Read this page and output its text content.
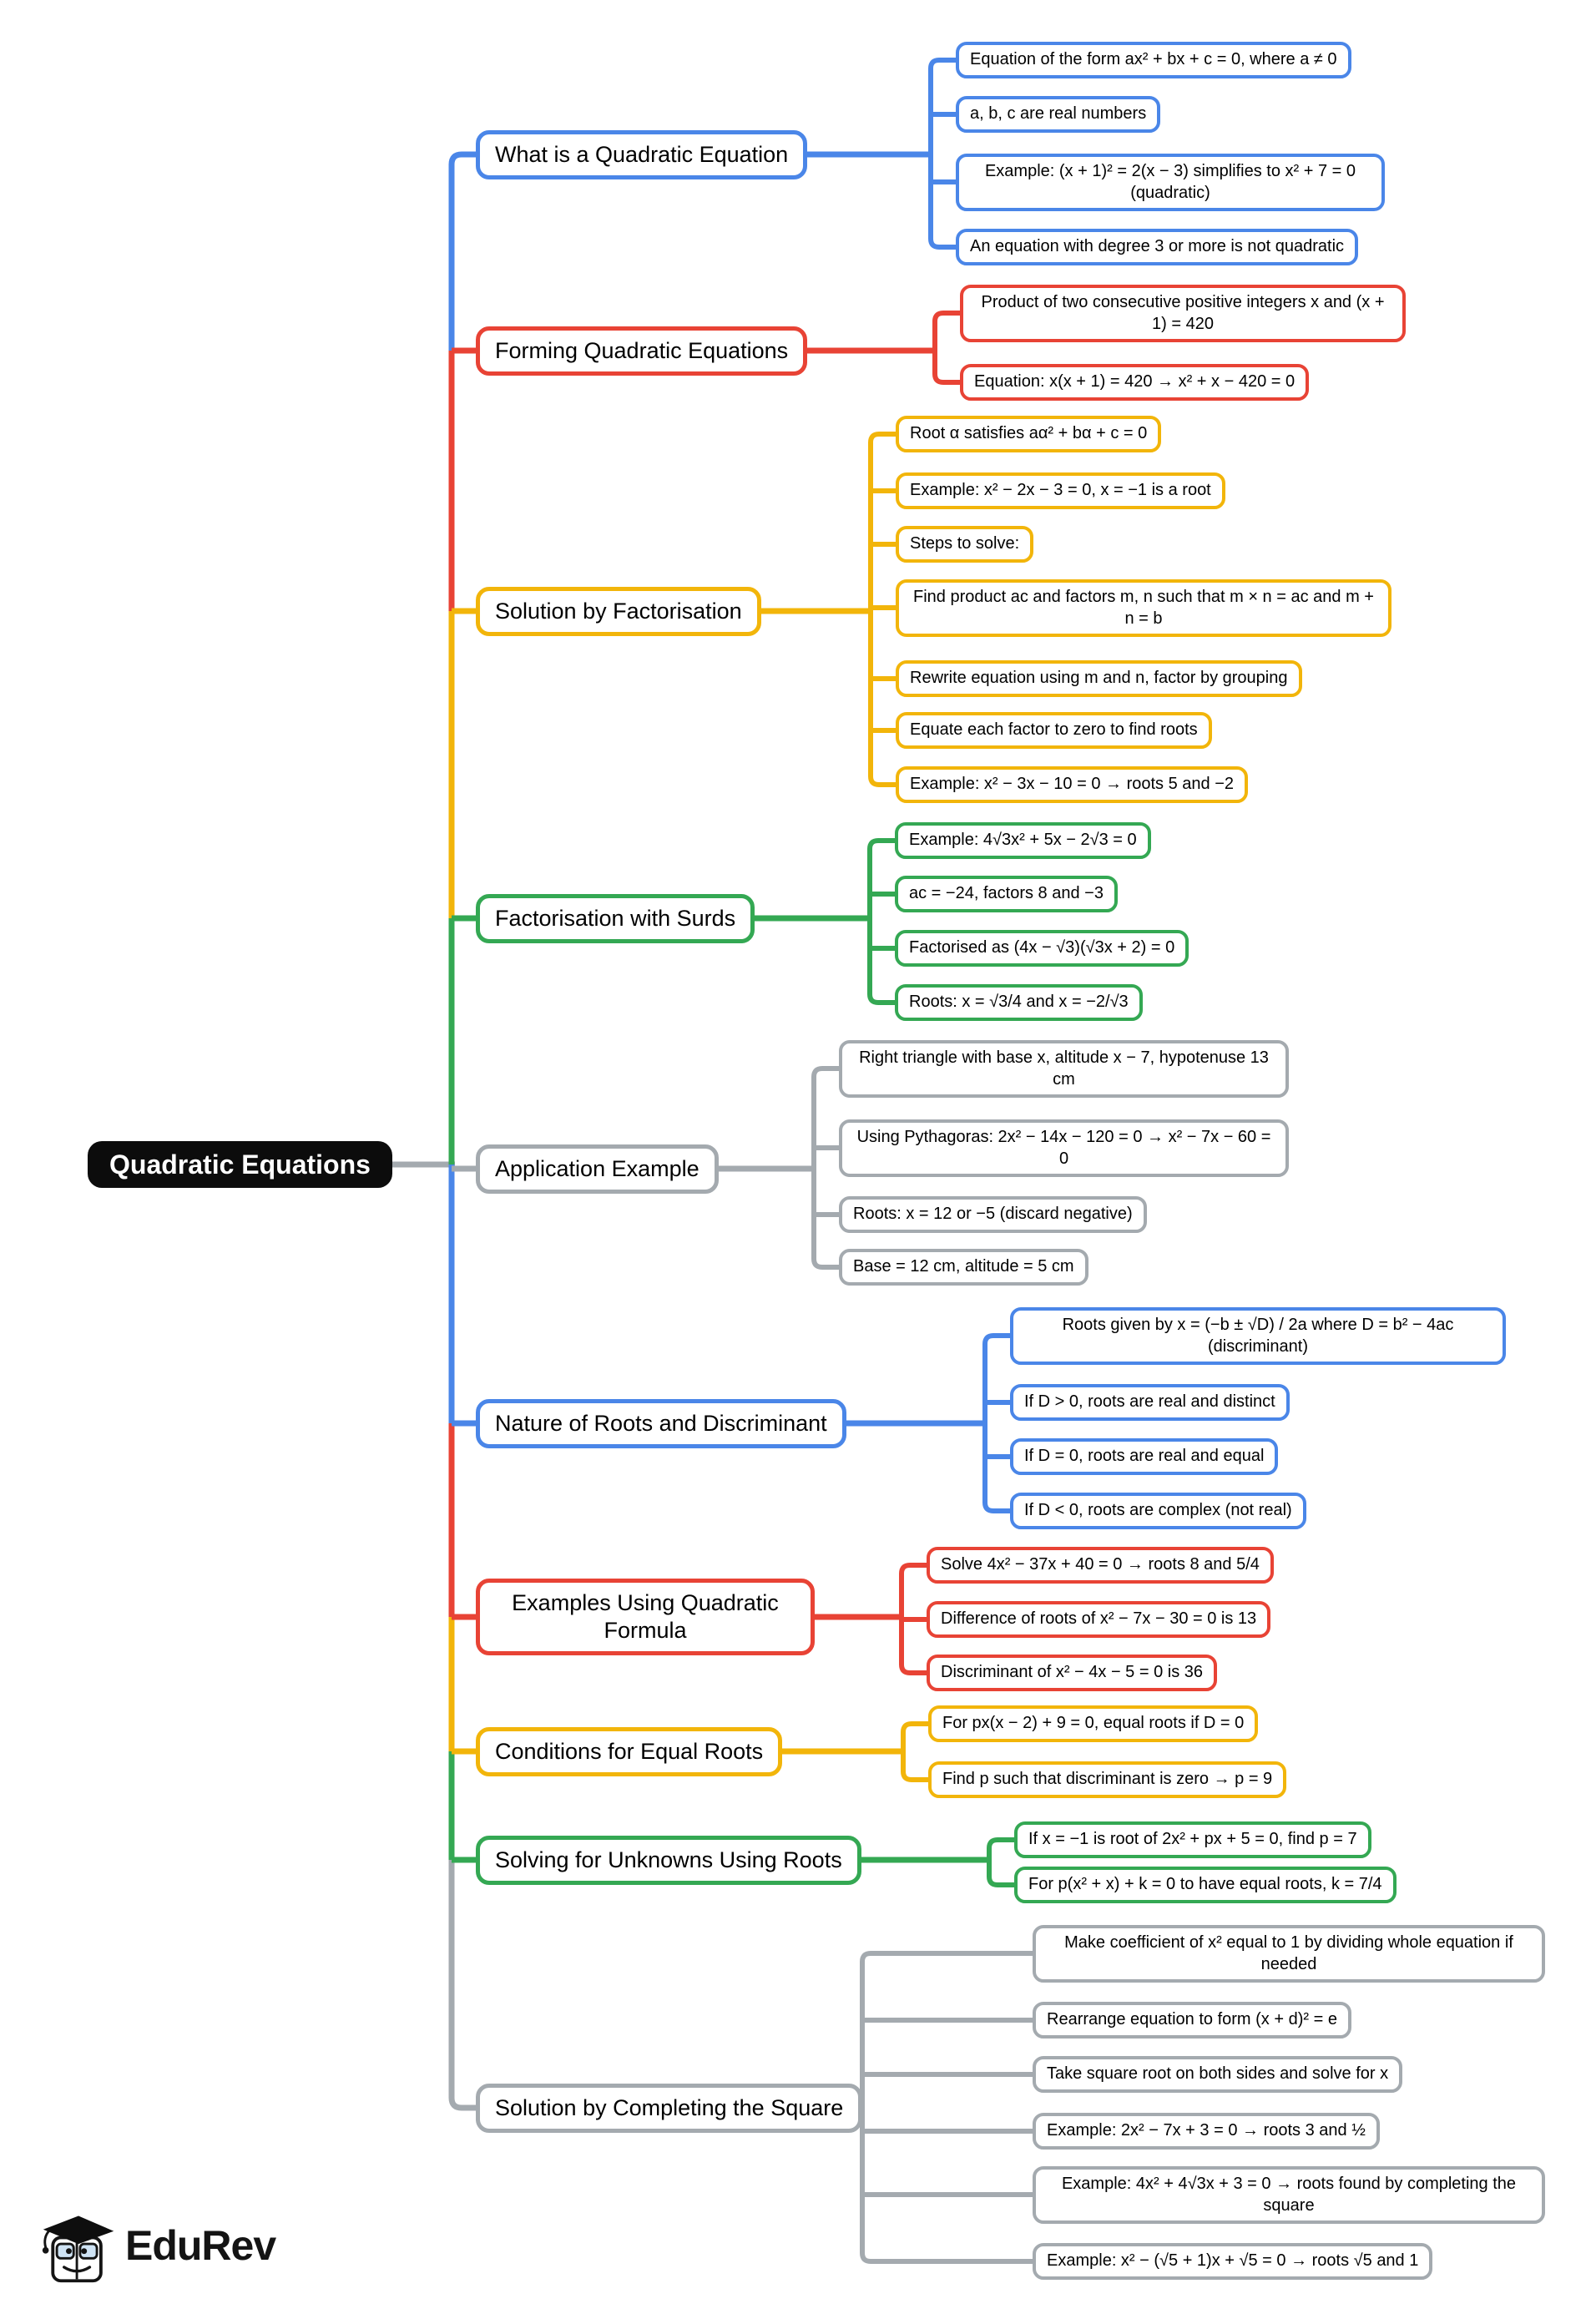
Quadratic Equations
What is a Quadratic Equation
Equation of the form ax² + bx + c = 0, where a ≠ 0
a, b, c are real numbers
Example: (x + 1)² = 2(x − 3) simplifies to x² + 7 = 0 (quadratic)
An equation with degree 3 or more is not quadratic
Forming Quadratic Equations
Product of two consecutive positive integers x and (x + 1) = 420
Equation: x(x + 1) = 420 → x² + x − 420 = 0
Solution by Factorisation
Root α satisfies aα² + bα + c = 0
Example: x² − 2x − 3 = 0, x = −1 is a root
Steps to solve:
Find product ac and factors m, n such that m × n = ac and m + n = b
Rewrite equation using m and n, factor by grouping
Equate each factor to zero to find roots
Example: x² − 3x − 10 = 0 → roots 5 and −2
Factorisation with Surds
Example: 4√3x² + 5x − 2√3 = 0
ac = −24, factors 8 and −3
Factorised as (4x − √3)(√3x + 2) = 0
Roots: x = √3/4 and x = −2/√3
Application Example
Right triangle with base x, altitude x − 7, hypotenuse 13 cm
Using Pythagoras: 2x² − 14x − 120 = 0 → x² − 7x − 60 = 0
Roots: x = 12 or −5 (discard negative)
Base = 12 cm, altitude = 5 cm
Nature of Roots and Discriminant
Roots given by x = (−b ± √D) / 2a where D = b² − 4ac (discriminant)
If D > 0, roots are real and distinct
If D = 0, roots are real and equal
If D < 0, roots are complex (not real)
Examples Using Quadratic Formula
Solve 4x² − 37x + 40 = 0 → roots 8 and 5/4
Difference of roots of x² − 7x − 30 = 0 is 13
Discriminant of x² − 4x − 5 = 0 is 36
Conditions for Equal Roots
For px(x − 2) + 9 = 0, equal roots if D = 0
Find p such that discriminant is zero → p = 9
Solving for Unknowns Using Roots
If x = −1 is root of 2x² + px + 5 = 0, find p = 7
For p(x² + x) + k = 0 to have equal roots, k = 7/4
Solution by Completing the Square
Make coefficient of x² equal to 1 by dividing whole equation if needed
Rearrange equation to form (x + d)² = e
Take square root on both sides and solve for x
Example: 2x² − 7x + 3 = 0 → roots 3 and ½
Example: 4x² + 4√3x + 3 = 0 → roots found by completing the square
Example: x² − (√5 + 1)x + √5 = 0 → roots √5 and 1
EduRev
